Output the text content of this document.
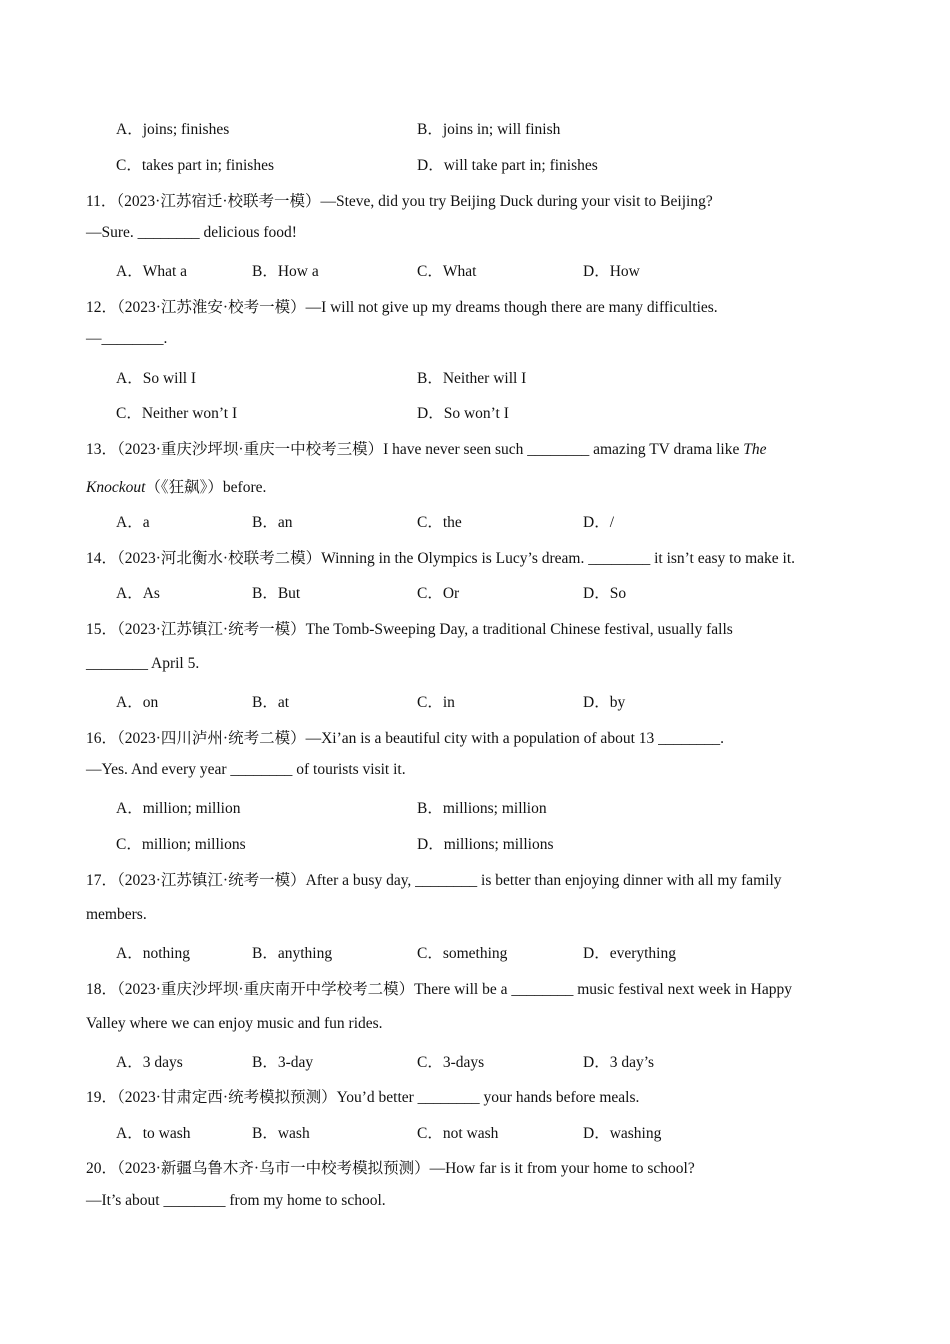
A．joins; finishes	B．joins in; will finish
C．takes part in; finishes	D．will take part in; finishes
11．（2023·江苏宿迁·校联考一模）—Steve, did you try Beijing Duck during your visit to Beijing?
—Sure. ________ delicious food!
A．What a	B．How a	C．What	D．How
12．（2023·江苏淮安·校考一模）—I will not give up my dreams though there are many difficulties.
—________.
A．So will I	B．Neither will I
C．Neither won’t I	D．So won’t I
13．（2023·重庆沙坪坝·重庆一中校考三模）I have never seen such ________ amazing TV drama like The
Knockout（《狂飙》）before.
A．a	B．an	C．the	D．/
14．（2023·河北衡水·校联考二模）Winning in the Olympics is Lucy’s dream. ________ it isn’t easy to make it.
A．As	B．But	C．Or	D．So
15．（2023·江苏镇江·统考一模）The Tomb-Sweeping Day, a traditional Chinese festival, usually falls
________ April 5.
A．on	B．at	C．in	D．by
16．（2023·四川泸州·统考二模）—Xi’an is a beautiful city with a population of about 13 ________.
—Yes. And every year ________ of tourists visit it.
A．million; million	B．millions; million
C．million; millions	D．millions; millions
17．（2023·江苏镇江·统考一模）After a busy day, ________ is better than enjoying dinner with all my family
members.
A．nothing	B．anything	C．something	D．everything
18．（2023·重庆沙坪坝·重庆南开中学校考二模）There will be a ________ music festival next week in Happy
Valley where we can enjoy music and fun rides.
A．3 days	B．3-day	C．3-days	D．3 day’s
19．（2023·甘肃定西·统考模拟预测）You’d better ________ your hands before meals.
A．to wash	B．wash	C．not wash	D．washing
20．（2023·新疆乌鲁木齐·乌市一中校考模拟预测）—How far is it from your home to school?
—It’s about ________ from my home to school.
